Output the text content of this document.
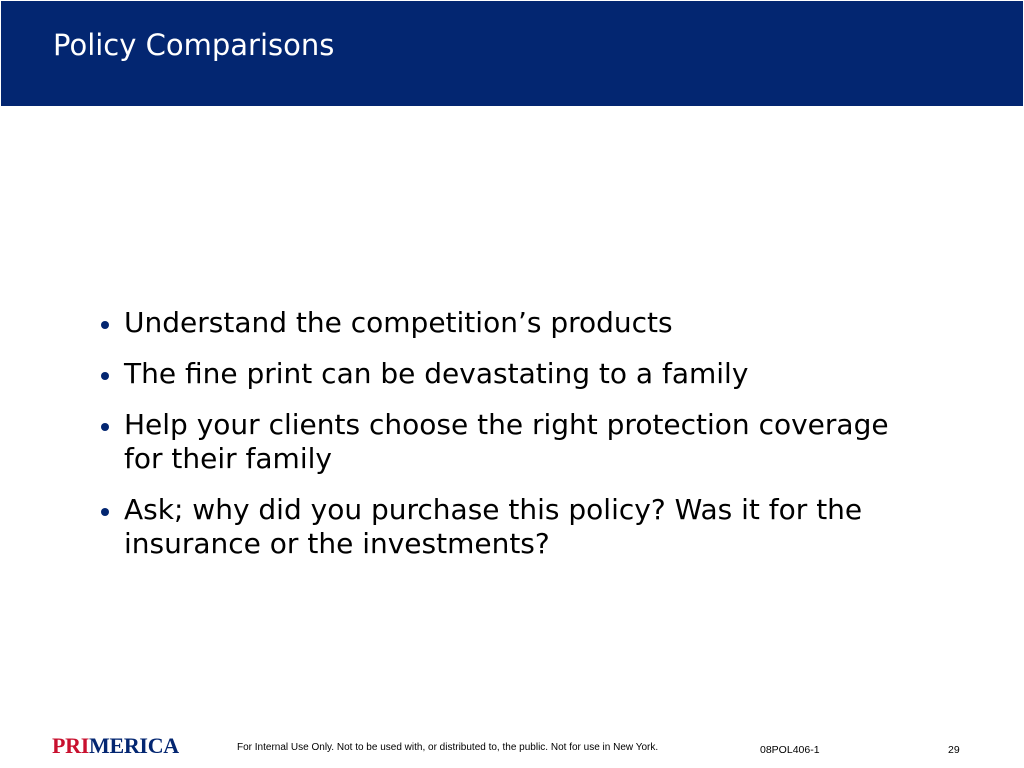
Policy Comparisons
Understand the competition’s products
The fine print can be devastating to a family
Help your clients choose the right protection coverage for their family
Ask; why did you purchase this policy? Was it for the insurance or the investments?
PRIMERICA	For Internal Use Only. Not to be used with, or distributed to, the public. Not for use in New York.	08POL406-1	29
